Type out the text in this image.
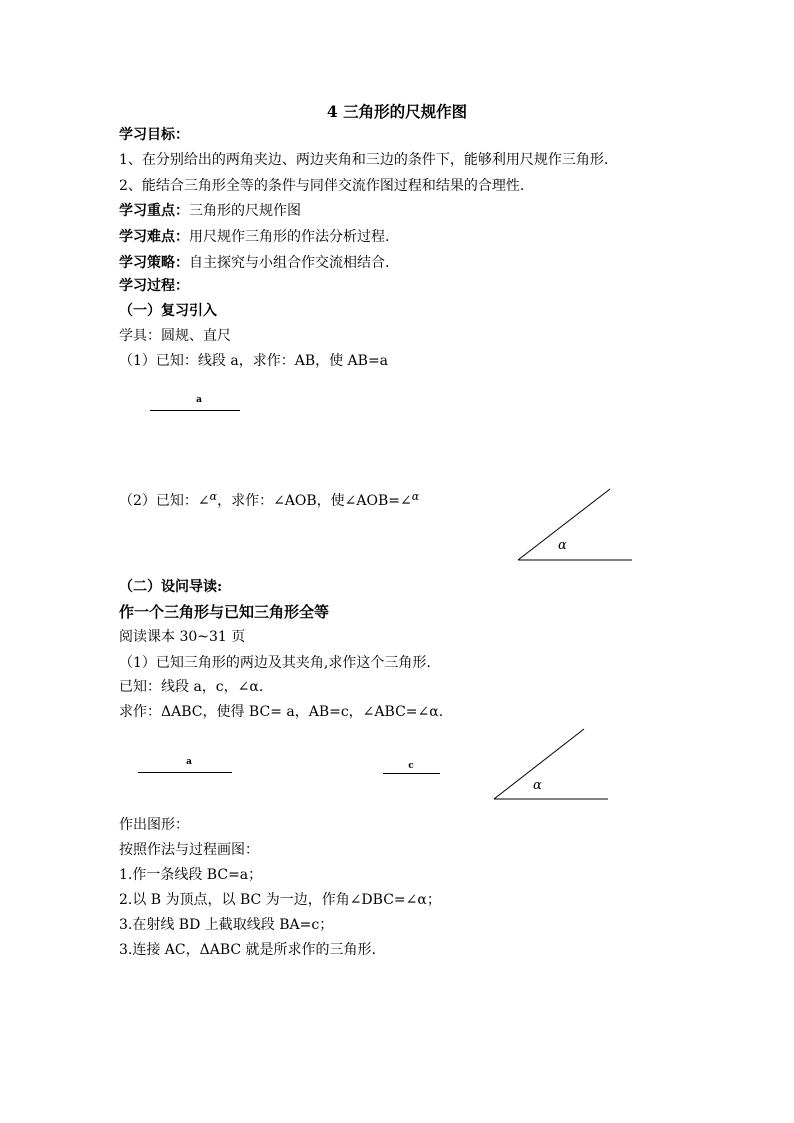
4 三角形的尺规作图
学习目标：
1、在分别给出的两角夹边、两边夹角和三边的条件下，能够利用尺规作三角形.
2、能结合三角形全等的条件与同伴交流作图过程和结果的合理性.
学习重点：三角形的尺规作图
学习难点：用尺规作三角形的作法分析过程.
学习策略：自主探究与小组合作交流相结合.
学习过程：
（一）复习引入
学具：圆规、直尺
（1）已知：线段 a，求作：AB，使 AB=a
a
（2）已知：∠$^\alpha$，求作：∠AOB，使∠AOB=∠$^\alpha$
α
（二）设问导读:
作一个三角形与已知三角形全等
阅读课本 30~31 页
（1）已知三角形的两边及其夹角,求作这个三角形.
已知：线段 a，c，∠α.
求作：ΔABC，使得 BC= a，AB=c，∠ABC=∠α.
a	c
α
作出图形：
按照作法与过程画图：
1.作一条线段 BC=a；
2.以 B 为顶点，以 BC 为一边，作角∠DBC=∠α；
3.在射线 BD 上截取线段 BA=c；
3.连接 AC，ΔABC 就是所求作的三角形.
